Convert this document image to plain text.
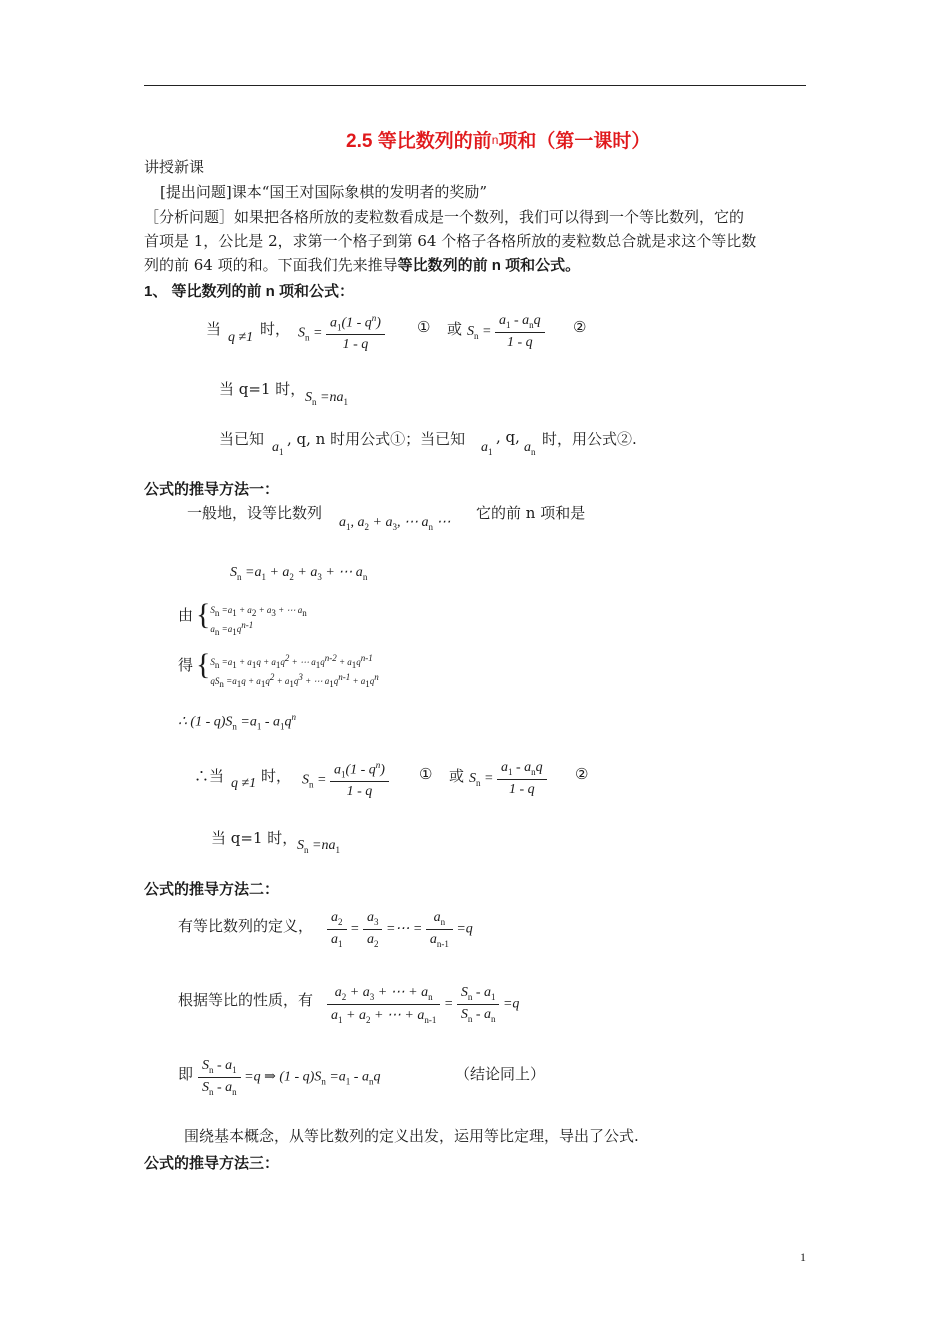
2.5 等比数列的前n项和（第一课时）
讲授新课
[提出问题]课本“国王对国际象棋的发明者的奖励”
［分析问题］如果把各格所放的麦粒数看成是一个数列，我们可以得到一个等比数列，它的
首项是 1，公比是 2，求第一个格子到第 64 个格子各格所放的麦粒数总合就是求这个等比数
列的前 64 项的和。下面我们先来推导等比数列的前 n 项和公式。
1、 等比数列的前 n 项和公式：
当 q ≠1 时， $S_n = \frac{a_1(1 - q^n)}{1 - q}$ ① 或 $S_n = \frac{a_1 - a_nq}{1 - q}$ ②
当 q=1 时， $S_n =na_1$
当已知 $a_1$
, q, n 时用公式①；当已知 $a_1$
, q,
$a_n$
时，用公式②.
公式的推导方法一：
一般地，设等比数列
$a_1$, $a_2 + a_3$, ⋯ $a_n$ ⋯
它的前 n 项和是
$S_n =a_1 + a_2 + a_3$ + ⋯ $a_n$
由 {$S_n =a_1 + a_2 + a_3$ + ⋯ $a_n$
$a_n =a_1q^{n-1}$
得 {$S_n =a_1 + a_1q + a_1q^2$ + ⋯ $a_1q^{n-2} + a_1q^{n-1}$
$qS_n =a_1q + a_1q^2 + a_1q^3$ + ⋯ $a_1q^{n-1} + a_1q^n$
∴ $(1 - q)S_n =a_1 - a_1q^n$
∴当 q ≠1 时， $S_n = \frac{a_1(1 - q^n)}{1 - q}$ ① 或 $S_n = \frac{a_1 - a_nq}{1 - q}$ ②
当 q=1 时， $S_n =na_1$
公式的推导方法二：
有等比数列的定义， $\frac{a_2}{a_1} = \frac{a_3}{a_2}$ =⋯ = $\frac{a_n}{a_{n-1}} =q$
根据等比的性质，有 $\frac{a_2 + a_3 + \cdots + a_n}{a_1 + a_2 + \cdots + a_{n-1}} = \frac{S_n - a_1}{S_n - a_n} =q$
即 $\frac{S_n - a_1}{S_n - a_n} =q$ ⇒ $(1 - q)S_n =a_1 - a_nq$	（结论同上）
围绕基本概念，从等比数列的定义出发，运用等比定理，导出了公式.
公式的推导方法三：
1
